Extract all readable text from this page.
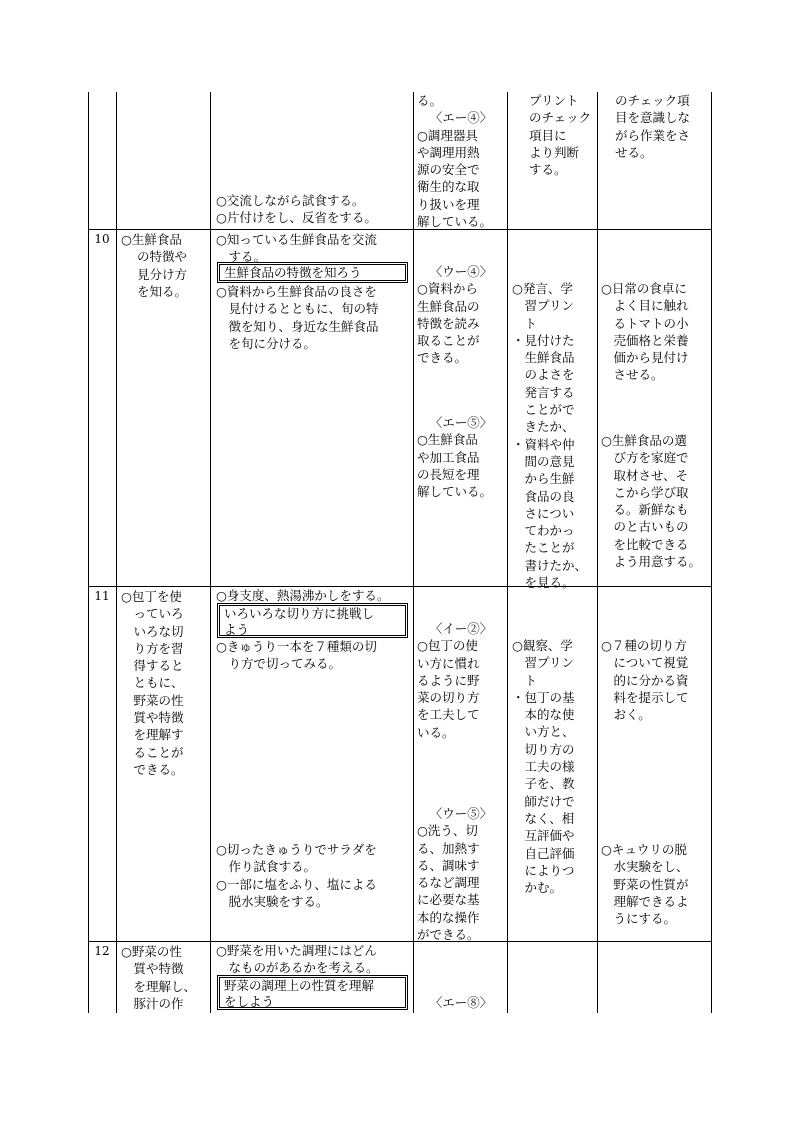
○交流しながら試食する。

○片付けをし、反省をする。

る。

〈エー④〉

○調理器具

や調理用熱

源の安全で

衛生的な取

り扱いを理

解している。

プリント

のチェック

項目に

より判断

する。

のチェック項

目を意識しな

がら作業をさ

せる。

10 ○生鮮食品

の特徴や

見分け方

を知る。

○知っている生鮮食品を交流

　する。

生鮮食品の特徴を知ろう

○資料から生鮮食品の良さを

　見付けるとともに、旬の特

　徴を知り、身近な生鮮食品

　を旬に分ける。

〈ウー④〉

○資料から

生鮮食品の

特徴を読み

取ることが

できる。

〈エー⑤〉

○生鮮食品

や加工食品

の長短を理

解している。

○発言、学

　習プリン

　ト

・見付けた

　生鮮食品

　のよさを

　発言する

　ことがで

　きたか、

・資料や仲

　間の意見

　から生鮮

　食品の良

　さについ

　てわかっ

　たことが

　書けたか、

　を見る。

○日常の食卓に

　よく目に触れ

　るトマトの小

　売価格と栄養

　価から見付け

　させる。

○生鮮食品の選

　び方を家庭で

　取材させ、そ

　こから学び取

　る。新鮮なも

　のと古いもの

　を比較できる

　よう用意する。

11 ○包丁を使

　っていろ

　いろな切

　り方を習

　得すると

　ともに、

　野菜の性

　質や特徴

　を理解す

　ることが

　できる。

○身支度、熱湯沸かしをする。

いろいろな切り方に挑戦し
よう

○きゅうり一本を７種類の切

　り方で切ってみる。

○切ったきゅうりでサラダを

　作り試食する。

○一部に塩をふり、塩による

　脱水実験をする。

〈イー②〉

○包丁の使

い方に慣れ

るように野

菜の切り方

を工夫して

いる。

〈ウー⑤〉

○洗う、切

る、加熱す

る、調味す

るなど調理

に必要な基

本的な操作

ができる。

○観察、学

　習プリン

　ト

・包丁の基

　本的な使

　い方と、

　切り方の

　工夫の様

　子を、教

　師だけで

　なく、相

　互評価や

　自己評価

　によりつ

　かむ。

○７種の切り方

　について視覚

　的に分かる資

　料を提示して

　おく。

○キュウリの脱

　水実験をし、

　野菜の性質が

　理解できるよ

　うにする。

12 ○野菜の性

　質や特徴

　を理解し、

　豚汁の作

○野菜を用いた調理にはどん

　なものがあるかを考える。

野菜の調理上の性質を理解
をしよう	〈エー⑧〉
